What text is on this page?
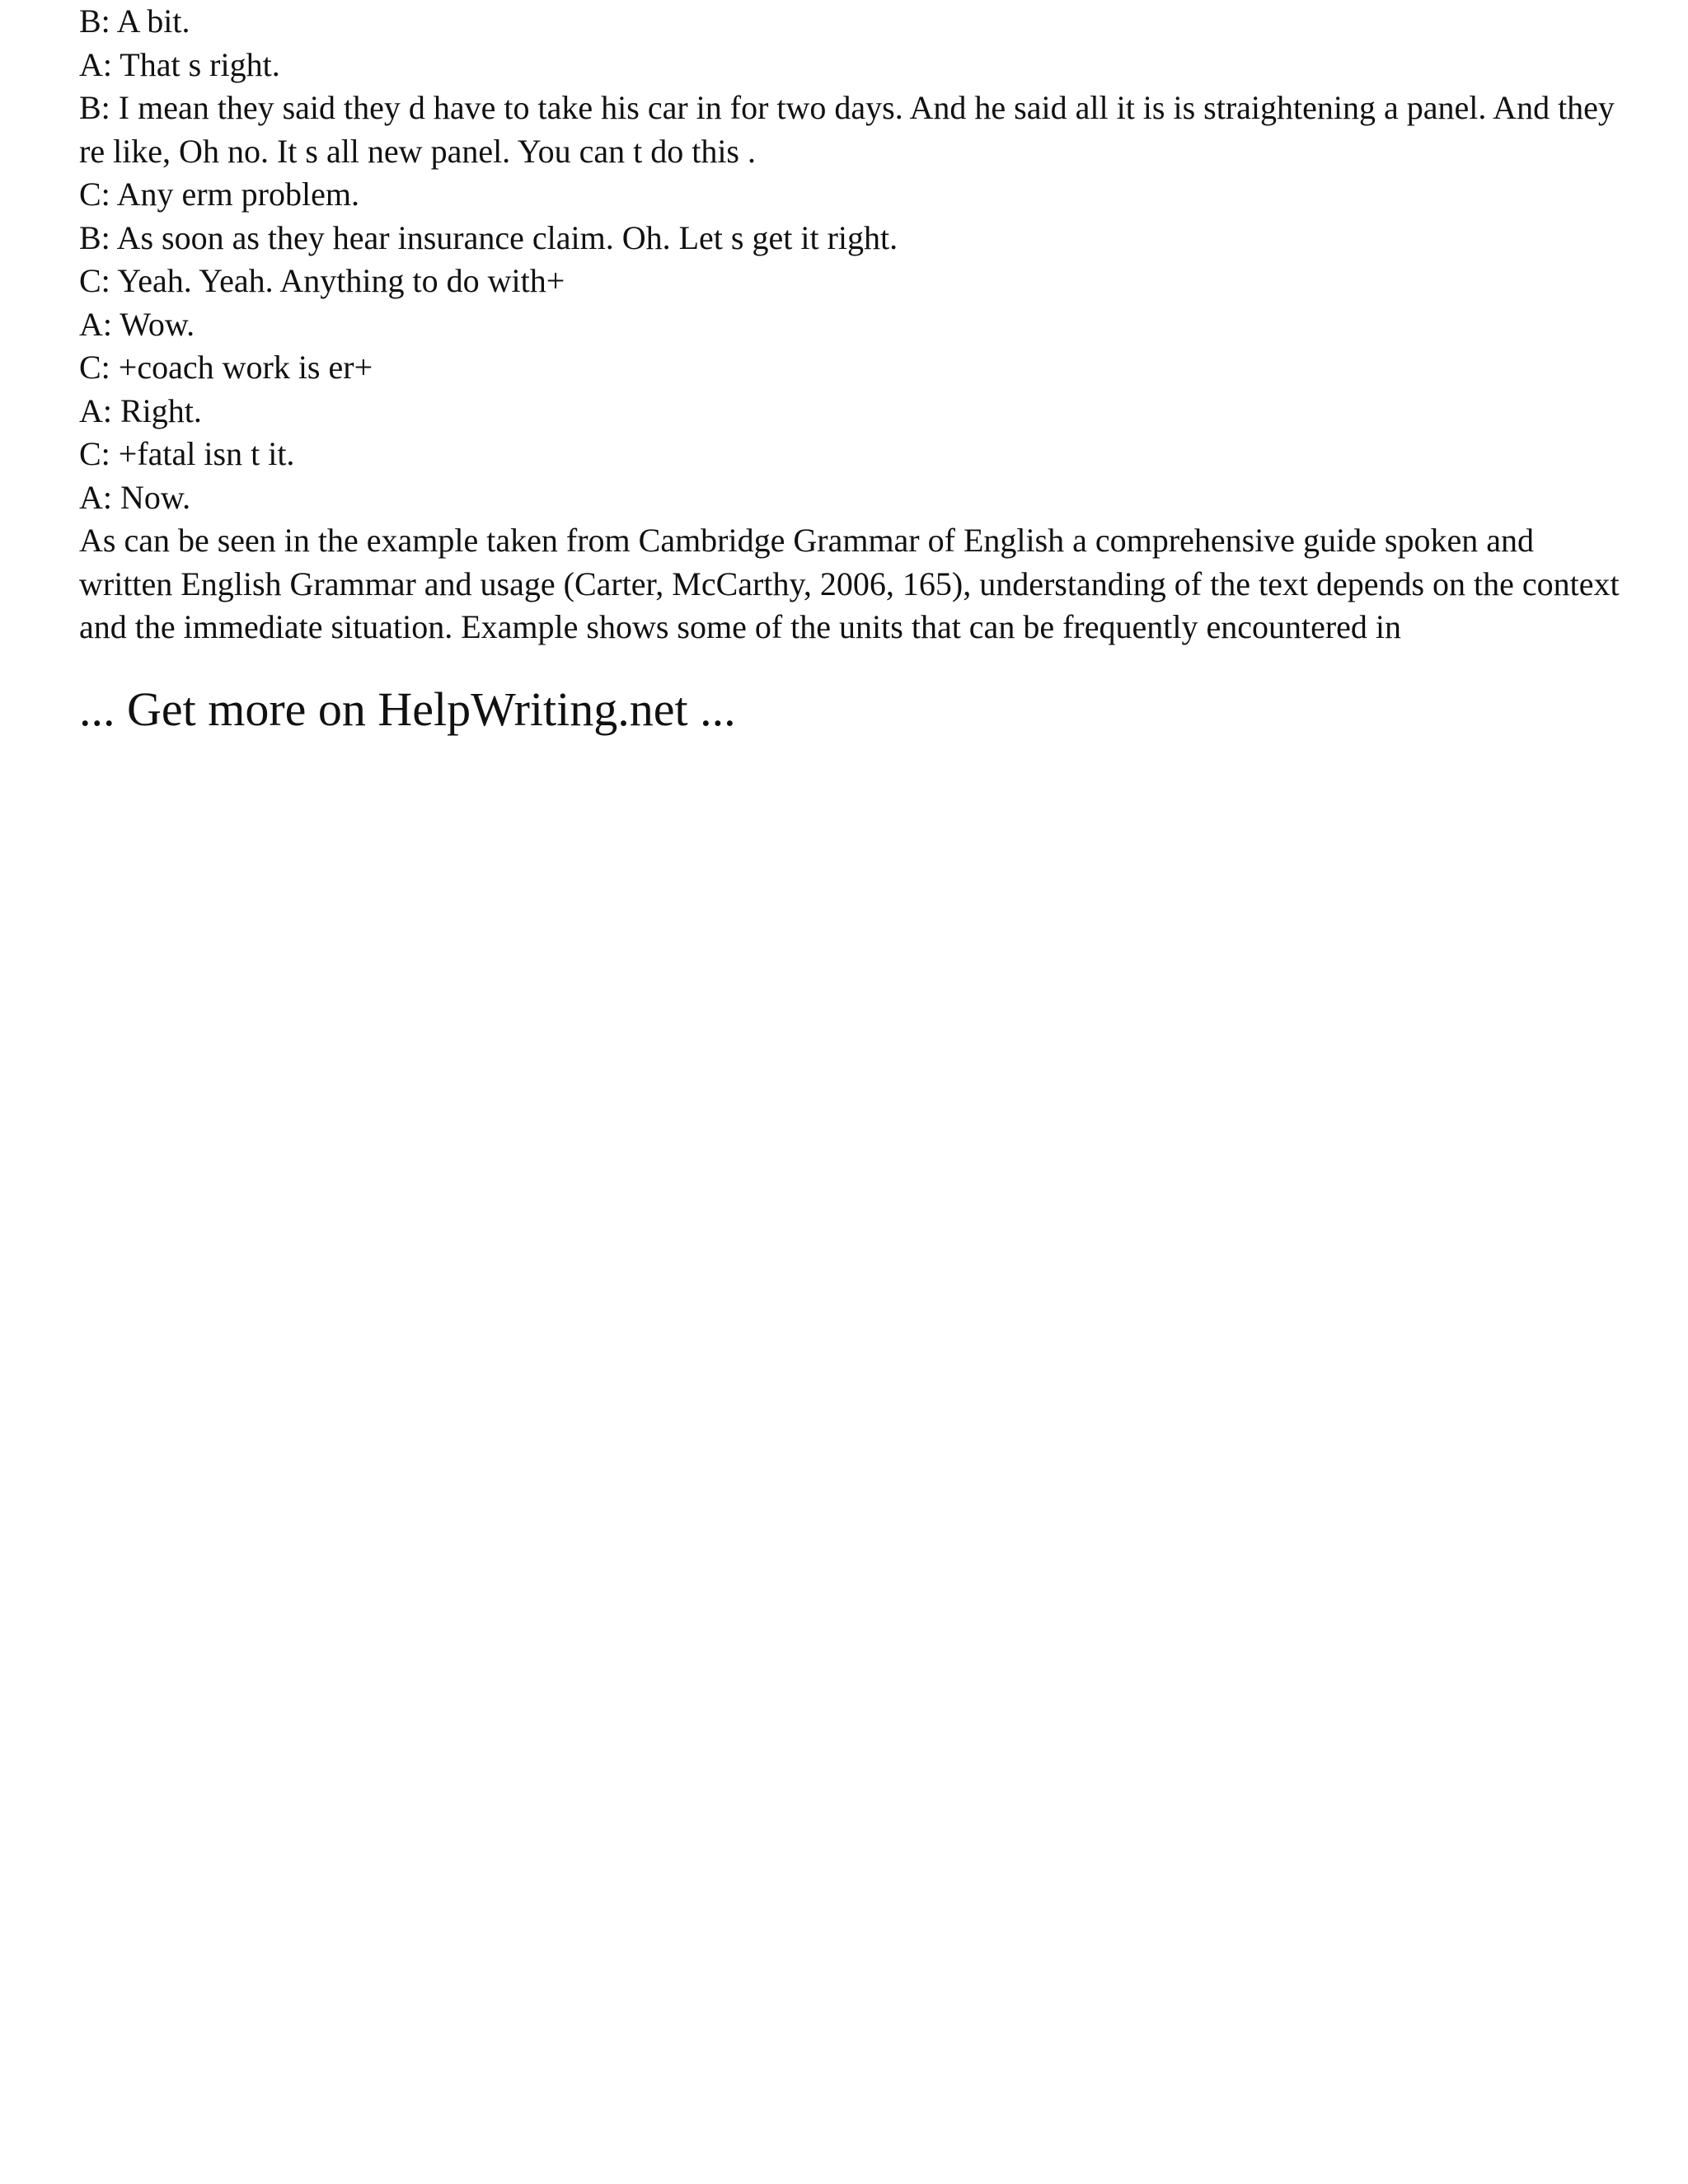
B: A bit.

A: That s right.

B: I mean they said they d have to take his car in for two days. And he said all it is is straightening a panel. And they re like, Oh no. It s all new panel. You can t do this .

C: Any erm problem.

B: As soon as they hear insurance claim. Oh. Let s get it right.

C: Yeah. Yeah. Anything to do with+

A: Wow.

C: +coach work is er+

A: Right.

C: +fatal isn t it.

A: Now.

As can be seen in the example taken from Cambridge Grammar of English a comprehensive guide spoken and written English Grammar and usage (Carter, McCarthy, 2006, 165), understanding of the text depends on the context and the immediate situation. Example shows some of the units that can be frequently encountered in

... Get more on HelpWriting.net ...
